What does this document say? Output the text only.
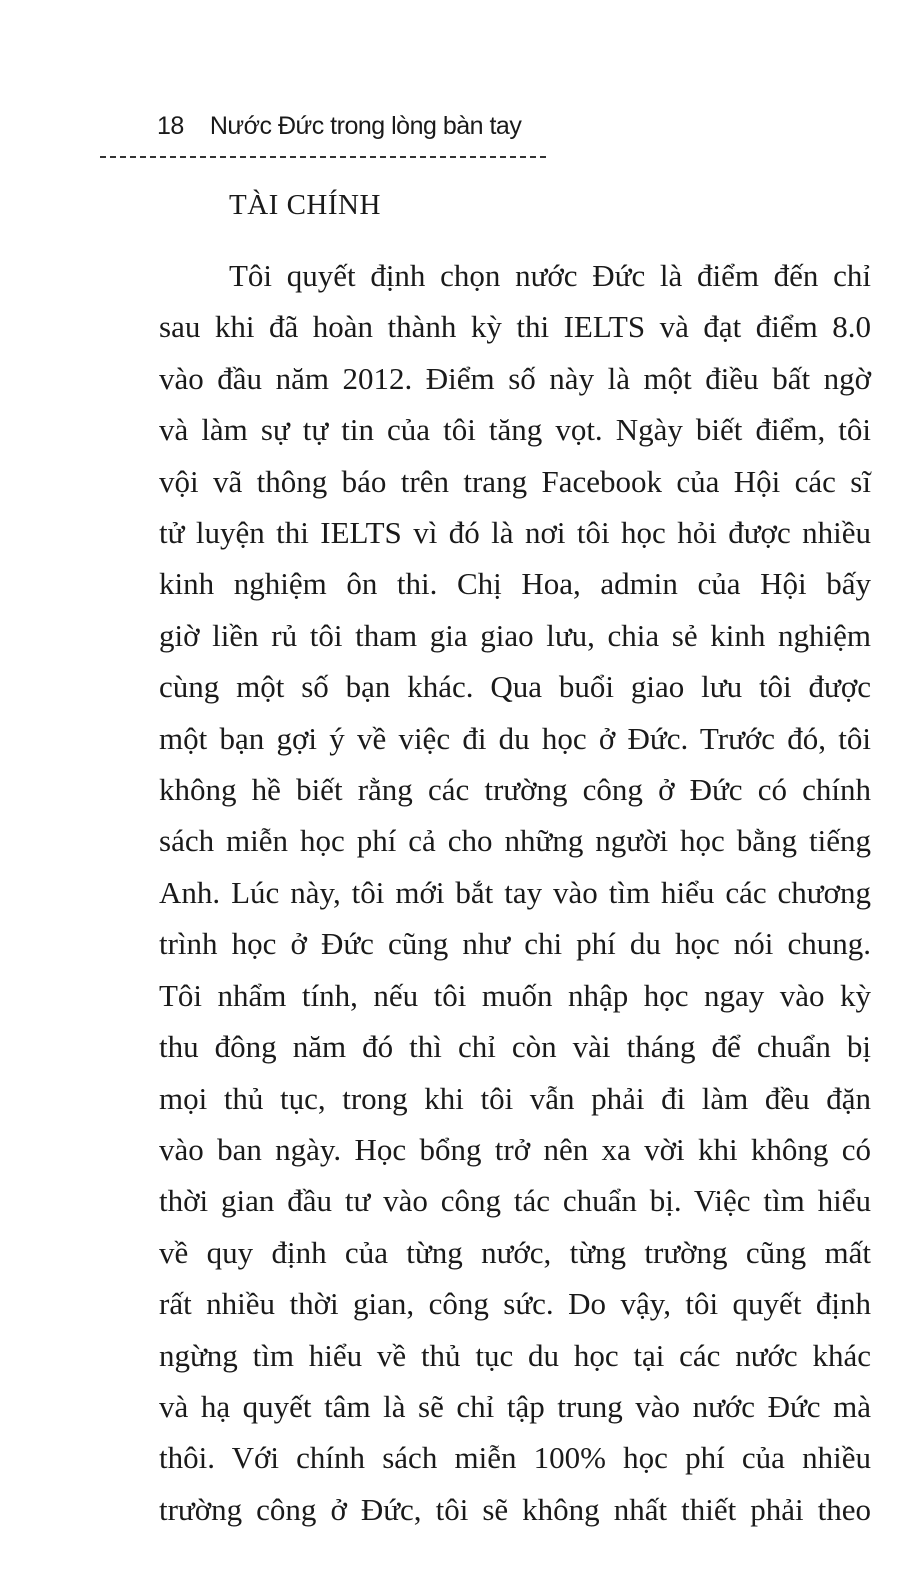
18 Nước Đức trong lòng bàn tay
TÀI CHÍNH
Tôi quyết định chọn nước Đức là điểm đến chỉ
sau khi đã hoàn thành kỳ thi IELTS và đạt điểm 8.0
vào đầu năm 2012. Điểm số này là một điều bất ngờ
và làm sự tự tin của tôi tăng vọt. Ngày biết điểm, tôi
vội vã thông báo trên trang Facebook của Hội các sĩ
tử luyện thi IELTS vì đó là nơi tôi học hỏi được nhiều
kinh nghiệm ôn thi. Chị Hoa, admin của Hội bấy
giờ liền rủ tôi tham gia giao lưu, chia sẻ kinh nghiệm
cùng một số bạn khác. Qua buổi giao lưu tôi được
một bạn gợi ý về việc đi du học ở Đức. Trước đó, tôi
không hề biết rằng các trường công ở Đức có chính
sách miễn học phí cả cho những người học bằng tiếng
Anh. Lúc này, tôi mới bắt tay vào tìm hiểu các chương
trình học ở Đức cũng như chi phí du học nói chung.
Tôi nhẩm tính, nếu tôi muốn nhập học ngay vào kỳ
thu đông năm đó thì chỉ còn vài tháng để chuẩn bị
mọi thủ tục, trong khi tôi vẫn phải đi làm đều đặn
vào ban ngày. Học bổng trở nên xa vời khi không có
thời gian đầu tư vào công tác chuẩn bị. Việc tìm hiểu
về quy định của từng nước, từng trường cũng mất
rất nhiều thời gian, công sức. Do vậy, tôi quyết định
ngừng tìm hiểu về thủ tục du học tại các nước khác
và hạ quyết tâm là sẽ chỉ tập trung vào nước Đức mà
thôi. Với chính sách miễn 100% học phí của nhiều
trường công ở Đức, tôi sẽ không nhất thiết phải theo
